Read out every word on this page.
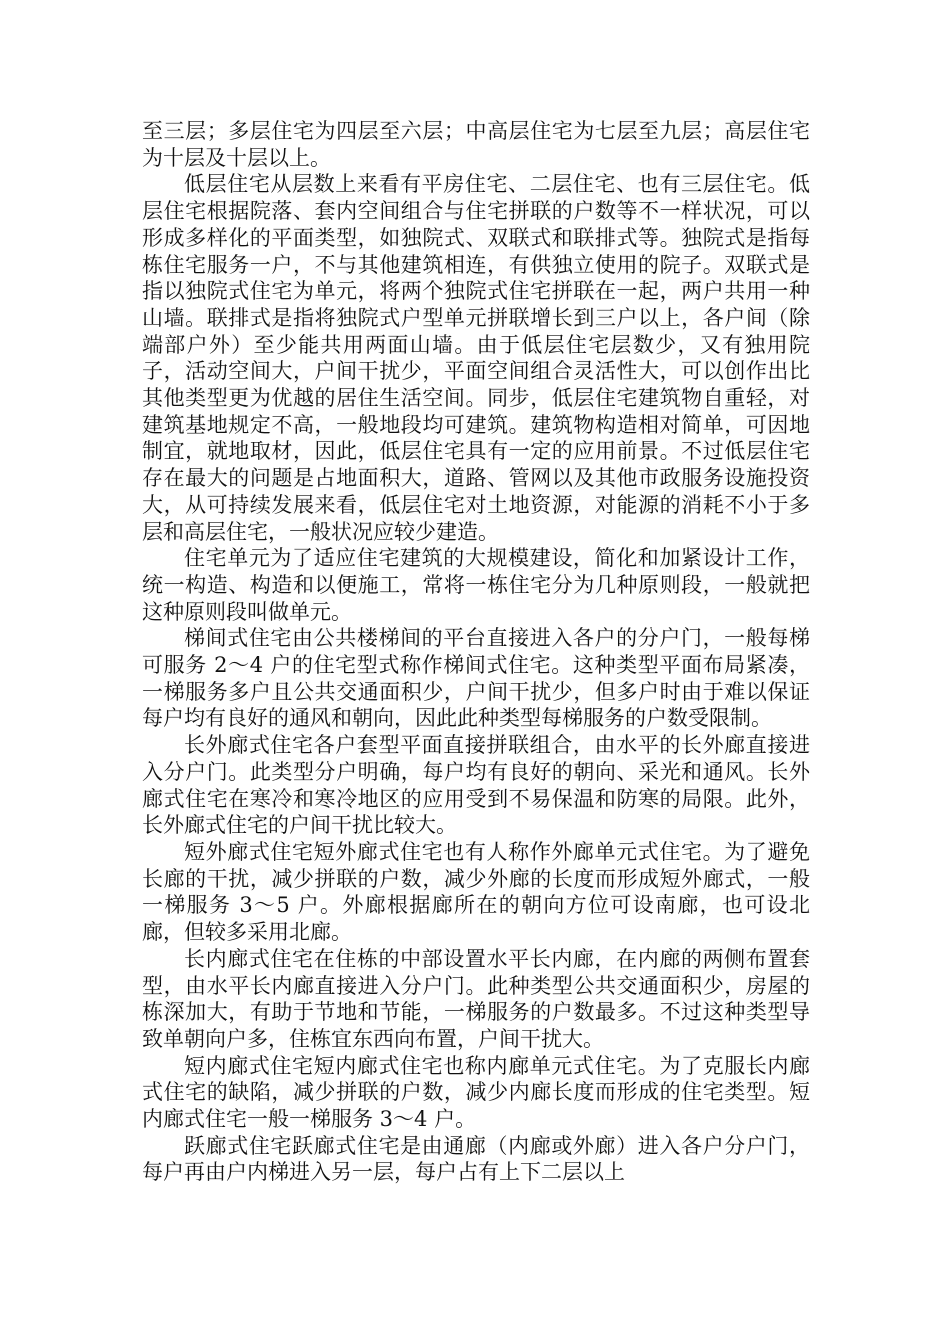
至三层；多层住宅为四层至六层；中高层住宅为七层至九层；高层住宅为十层及十层以上。

低层住宅从层数上来看有平房住宅、二层住宅、也有三层住宅。低层住宅根据院落、套内空间组合与住宅拼联的户数等不一样状况，可以形成多样化的平面类型，如独院式、双联式和联排式等。独院式是指每栋住宅服务一户，不与其他建筑相连，有供独立使用的院子。双联式是指以独院式住宅为单元，将两个独院式住宅拼联在一起，两户共用一种山墙。联排式是指将独院式户型单元拼联增长到三户以上，各户间（除端部户外）至少能共用两面山墙。由于低层住宅层数少，又有独用院子，活动空间大，户间干扰少，平面空间组合灵活性大，可以创作出比其他类型更为优越的居住生活空间。同步，低层住宅建筑物自重轻，对建筑基地规定不高，一般地段均可建筑。建筑物构造相对简单，可因地制宜，就地取材，因此，低层住宅具有一定的应用前景。不过低层住宅存在最大的问题是占地面积大，道路、管网以及其他市政服务设施投资大，从可持续发展来看，低层住宅对土地资源，对能源的消耗不小于多层和高层住宅，一般状况应较少建造。

住宅单元为了适应住宅建筑的大规模建设，简化和加紧设计工作，统一构造、构造和以便施工，常将一栋住宅分为几种原则段，一般就把这种原则段叫做单元。

梯间式住宅由公共楼梯间的平台直接进入各户的分户门，一般每梯可服务 2～4 户的住宅型式称作梯间式住宅。这种类型平面布局紧凑，一梯服务多户且公共交通面积少，户间干扰少，但多户时由于难以保证每户均有良好的通风和朝向，因此此种类型每梯服务的户数受限制。

长外廊式住宅各户套型平面直接拼联组合，由水平的长外廊直接进入分户门。此类型分户明确，每户均有良好的朝向、采光和通风。长外廊式住宅在寒冷和寒冷地区的应用受到不易保温和防寒的局限。此外，长外廊式住宅的户间干扰比较大。

短外廊式住宅短外廊式住宅也有人称作外廊单元式住宅。为了避免长廊的干扰，减少拼联的户数，减少外廊的长度而形成短外廊式，一般一梯服务 3～5 户。外廊根据廊所在的朝向方位可设南廊，也可设北廊，但较多采用北廊。

长内廊式住宅在住栋的中部设置水平长内廊，在内廊的两侧布置套型，由水平长内廊直接进入分户门。此种类型公共交通面积少，房屋的栋深加大，有助于节地和节能，一梯服务的户数最多。不过这种类型导致单朝向户多，住栋宜东西向布置，户间干扰大。

短内廊式住宅短内廊式住宅也称内廊单元式住宅。为了克服长内廊式住宅的缺陷，减少拼联的户数，减少内廊长度而形成的住宅类型。短内廊式住宅一般一梯服务 3～4 户。

跃廊式住宅跃廊式住宅是由通廊（内廊或外廊）进入各户分户门，每户再由户内梯进入另一层，每户占有上下二层以上
